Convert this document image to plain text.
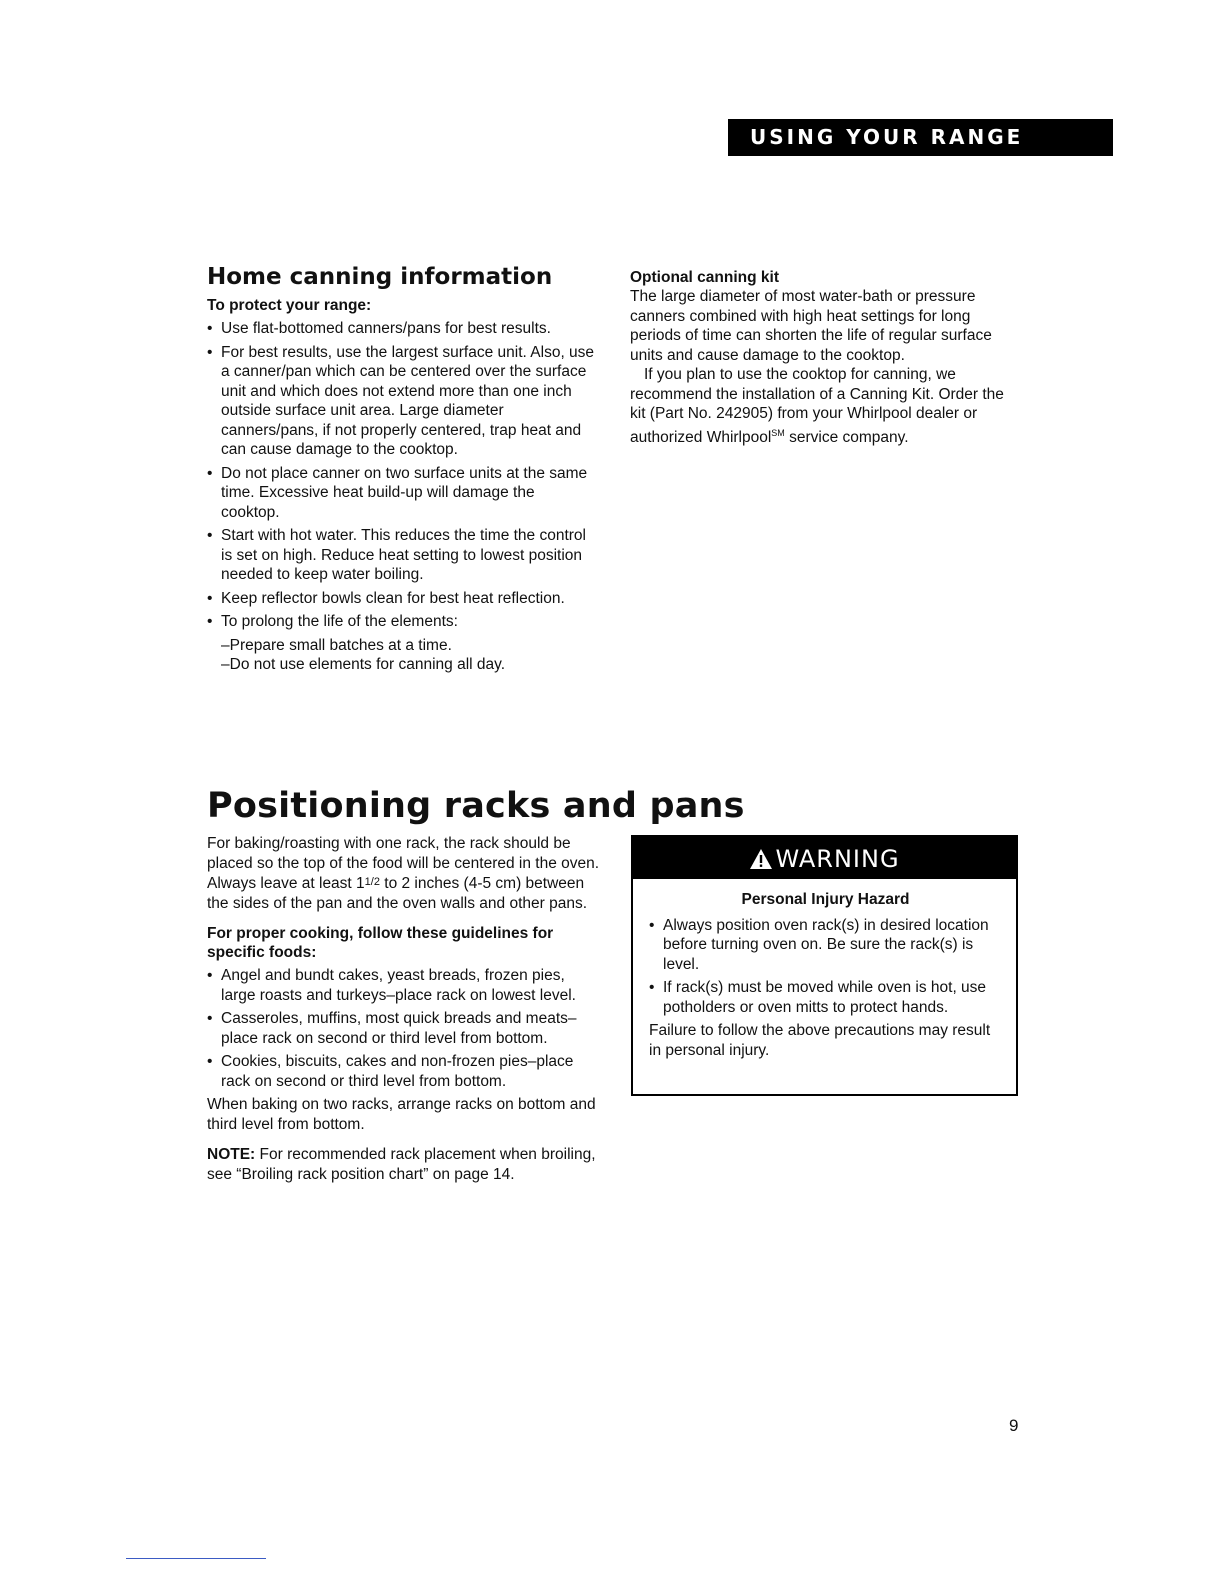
USING YOUR RANGE
Home canning information

To protect your range:

• Use flat-bottomed canners/pans for best results.
• For best results, use the largest surface unit. Also, use a canner/pan which can be centered over the surface unit and which does not extend more than one inch outside surface unit area. Large diameter canners/pans, if not properly centered, trap heat and can cause damage to the cooktop.
• Do not place canner on two surface units at the same time. Excessive heat build-up will damage the cooktop.
• Start with hot water. This reduces the time the control is set on high. Reduce heat setting to lowest position needed to keep water boiling.
• Keep reflector bowls clean for best heat reflection.
• To prolong the life of the elements:

–Prepare small batches at a time.

–Do not use elements for canning all day.

Optional canning kit

The large diameter of most water-bath or pressure canners combined with high heat settings for long periods of time can shorten the life of regular surface units and cause damage to the cooktop.

If you plan to use the cooktop for canning, we recommend the installation of a Canning Kit. Order the kit (Part No. 242905) from your Whirlpool dealer or authorized Whirlpool℠ service company.

Positioning racks and pans

For baking/roasting with one rack, the rack should be placed so the top of the food will be centered in the oven. Always leave at least 11/2 to 2 inches (4-5 cm) between the sides of the pan and the oven walls and other pans.

For proper cooking, follow these guidelines for specific foods:

• Angel and bundt cakes, yeast breads, frozen pies, large roasts and turkeys–place rack on lowest level.
• Casseroles, muffins, most quick breads and meats–place rack on second or third level from bottom.
• Cookies, biscuits, cakes and non-frozen pies–place rack on second or third level from bottom.

When baking on two racks, arrange racks on bottom and third level from bottom.

NOTE: For recommended rack placement when broiling, see “Broiling rack position chart” on page 14.

WARNING

Personal Injury Hazard

• Always position oven rack(s) in desired location before turning oven on. Be sure the rack(s) is level.
• If rack(s) must be moved while oven is hot, use potholders or oven mitts to protect hands.

Failure to follow the above precautions may result in personal injury.

9
